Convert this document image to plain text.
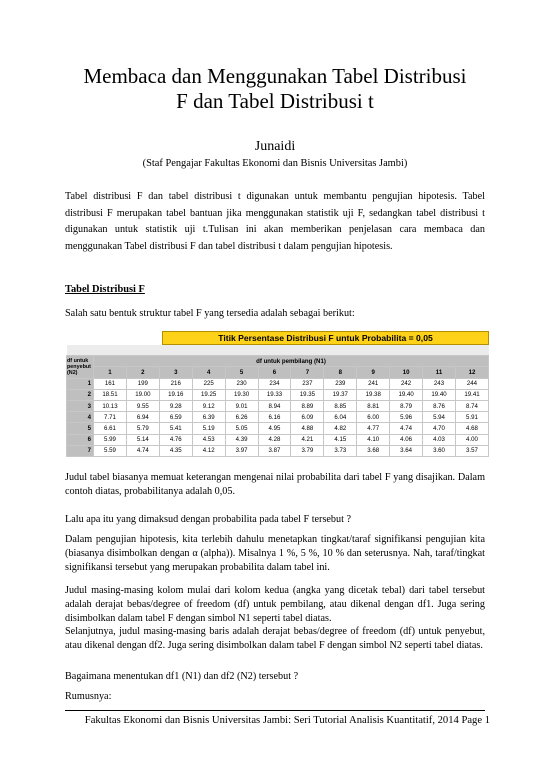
Membaca dan Menggunakan Tabel Distribusi
F dan Tabel Distribusi t
Junaidi
(Staf Pengajar Fakultas Ekonomi dan Bisnis Universitas Jambi)

Tabel distribusi F dan tabel distribusi t digunakan untuk membantu pengujian hipotesis. Tabel distribusi F merupakan tabel bantuan jika menggunakan statistik uji F, sedangkan tabel distribusi t digunakan untuk statistik uji t.Tulisan ini akan memberikan penjelasan cara membaca dan menggunakan Tabel distribusi F dan tabel distribusi t dalam pengujian hipotesis.

Tabel Distribusi F

Salah satu bentuk struktur tabel F yang tersedia adalah sebagai berikut:

Titik Persentase Distribusi F untuk Probabilita = 0,05

df untuk penyebut (N2)	df untuk pembilang (N1)											
	1	2	3	4	5	6	7	8	9	10	11	12
1	161	199	216	225	230	234	237	239	241	242	243	244
2	18.51	19.00	19.16	19.25	19.30	19.33	19.35	19.37	19.38	19.40	19.40	19.41
3	10.13	9.55	9.28	9.12	9.01	8.94	8.89	8.85	8.81	8.79	8.76	8.74
4	7.71	6.94	6.59	6.39	6.26	6.16	6.09	6.04	6.00	5.96	5.94	5.91
5	6.61	5.79	5.41	5.19	5.05	4.95	4.88	4.82	4.77	4.74	4.70	4.68
6	5.99	5.14	4.76	4.53	4.39	4.28	4.21	4.15	4.10	4.06	4.03	4.00
7	5.59	4.74	4.35	4.12	3.97	3.87	3.79	3.73	3.68	3.64	3.60	3.57

Judul tabel biasanya memuat keterangan mengenai nilai probabilita dari tabel F yang disajikan. Dalam contoh diatas, probabilitanya adalah 0,05.

Lalu apa itu yang dimaksud dengan probabilita pada tabel F tersebut ?

Dalam pengujian hipotesis, kita terlebih dahulu menetapkan tingkat/taraf signifikansi pengujian kita (biasanya disimbolkan dengan α (alpha)). Misalnya 1 %, 5 %, 10 % dan seterusnya. Nah, taraf/tingkat signifikansi tersebut yang merupakan probabilita dalam tabel ini.

Judul masing-masing kolom mulai dari kolom kedua (angka yang dicetak tebal) dari tabel tersebut adalah derajat bebas/degree of freedom (df) untuk pembilang, atau dikenal dengan df1. Juga sering disimbolkan dalam tabel F dengan simbol N1 seperti tabel diatas.

Selanjutnya, judul masing-masing baris adalah derajat bebas/degree of freedom (df) untuk penyebut, atau dikenal dengan df2. Juga sering disimbolkan dalam tabel F dengan simbol N2 seperti tabel diatas.

Bagaimana menentukan df1 (N1) dan df2 (N2) tersebut ?

Rumusnya:

Fakultas Ekonomi dan Bisnis Universitas Jambi: Seri Tutorial Analisis Kuantitatif, 2014 Page 1
